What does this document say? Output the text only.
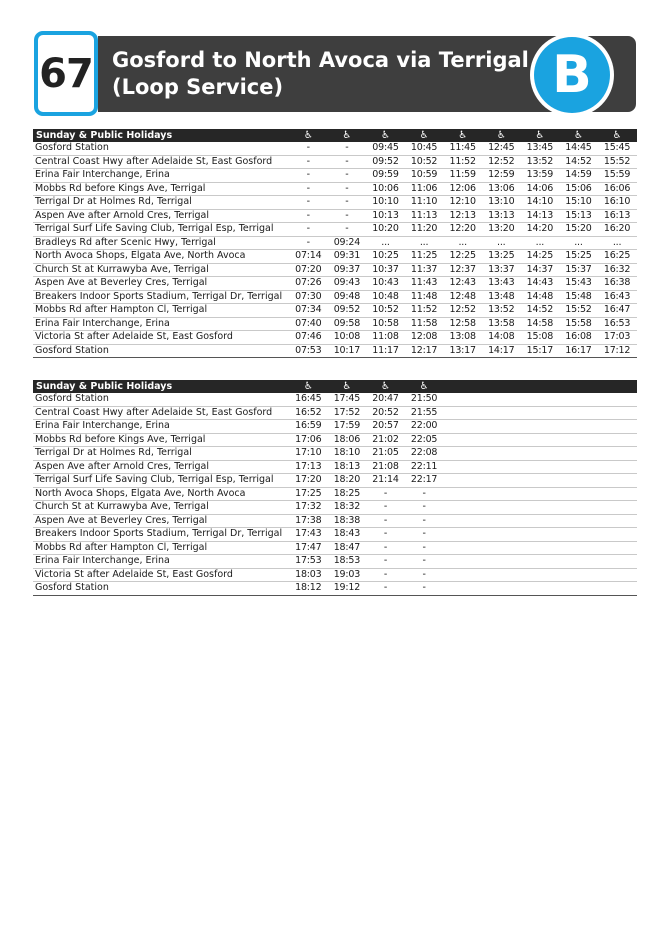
Gosford to North Avoca via Terrigal
(Loop Service)
67	B
Sunday & Public Holidays	♿	♿	♿	♿	♿	♿	♿	♿	♿
Gosford Station	-	-	09:45	10:45	11:45	12:45	13:45	14:45	15:45
Central Coast Hwy after Adelaide St, East Gosford	-	-	09:52	10:52	11:52	12:52	13:52	14:52	15:52
Erina Fair Interchange, Erina	-	-	09:59	10:59	11:59	12:59	13:59	14:59	15:59
Mobbs Rd before Kings Ave, Terrigal	-	-	10:06	11:06	12:06	13:06	14:06	15:06	16:06
Terrigal Dr at Holmes Rd, Terrigal	-	-	10:10	11:10	12:10	13:10	14:10	15:10	16:10
Aspen Ave after Arnold Cres, Terrigal	-	-	10:13	11:13	12:13	13:13	14:13	15:13	16:13
Terrigal Surf Life Saving Club, Terrigal Esp, Terrigal	-	-	10:20	11:20	12:20	13:20	14:20	15:20	16:20
Bradleys Rd after Scenic Hwy, Terrigal	-	09:24	...	...	...	...	...	...	...
North Avoca Shops, Elgata Ave, North Avoca	07:14	09:31	10:25	11:25	12:25	13:25	14:25	15:25	16:25
Church St at Kurrawyba Ave, Terrigal	07:20	09:37	10:37	11:37	12:37	13:37	14:37	15:37	16:32
Aspen Ave at Beverley Cres, Terrigal	07:26	09:43	10:43	11:43	12:43	13:43	14:43	15:43	16:38
Breakers Indoor Sports Stadium, Terrigal Dr, Terrigal	07:30	09:48	10:48	11:48	12:48	13:48	14:48	15:48	16:43
Mobbs Rd after Hampton Cl, Terrigal	07:34	09:52	10:52	11:52	12:52	13:52	14:52	15:52	16:47
Erina Fair Interchange, Erina	07:40	09:58	10:58	11:58	12:58	13:58	14:58	15:58	16:53
Victoria St after Adelaide St, East Gosford	07:46	10:08	11:08	12:08	13:08	14:08	15:08	16:08	17:03
Gosford Station	07:53	10:17	11:17	12:17	13:17	14:17	15:17	16:17	17:12
Sunday & Public Holidays	♿	♿	♿	♿
Gosford Station	16:45	17:45	20:47	21:50
Central Coast Hwy after Adelaide St, East Gosford	16:52	17:52	20:52	21:55
Erina Fair Interchange, Erina	16:59	17:59	20:57	22:00
Mobbs Rd before Kings Ave, Terrigal	17:06	18:06	21:02	22:05
Terrigal Dr at Holmes Rd, Terrigal	17:10	18:10	21:05	22:08
Aspen Ave after Arnold Cres, Terrigal	17:13	18:13	21:08	22:11
Terrigal Surf Life Saving Club, Terrigal Esp, Terrigal	17:20	18:20	21:14	22:17
North Avoca Shops, Elgata Ave, North Avoca	17:25	18:25	-	-
Church St at Kurrawyba Ave, Terrigal	17:32	18:32	-	-
Aspen Ave at Beverley Cres, Terrigal	17:38	18:38	-	-
Breakers Indoor Sports Stadium, Terrigal Dr, Terrigal	17:43	18:43	-	-
Mobbs Rd after Hampton Cl, Terrigal	17:47	18:47	-	-
Erina Fair Interchange, Erina	17:53	18:53	-	-
Victoria St after Adelaide St, East Gosford	18:03	19:03	-	-
Gosford Station	18:12	19:12	-	-
